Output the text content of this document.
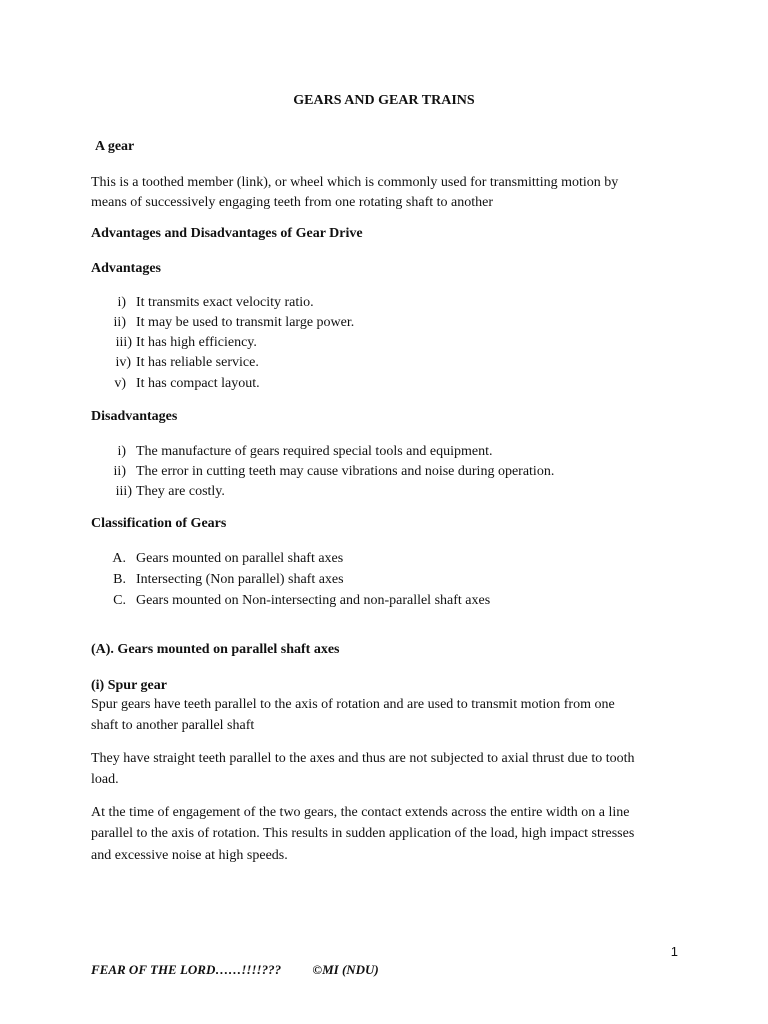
GEARS AND GEAR TRAINS

A gear

This is a toothed member (link), or wheel which is commonly used for transmitting motion by

means of successively engaging teeth from one rotating shaft to another

Advantages and Disadvantages of Gear Drive

Advantages

i) It transmits exact velocity ratio.
ii) It may be used to transmit large power.
iii) It has high efficiency.
iv) It has reliable service.
v) It has compact layout.

Disadvantages

i) The manufacture of gears required special tools and equipment.
ii) The error in cutting teeth may cause vibrations and noise during operation.
iii) They are costly.

Classification of Gears

A. Gears mounted on parallel shaft axes
B. Intersecting (Non parallel) shaft axes
C. Gears mounted on Non-intersecting and non-parallel shaft axes

(A). Gears mounted on parallel shaft axes

(i) Spur gear

Spur gears have teeth parallel to the axis of rotation and are used to transmit motion from one

shaft to another parallel shaft

They have straight teeth parallel to the axes and thus are not subjected to axial thrust due to tooth

load.

At the time of engagement of the two gears, the contact extends across the entire width on a line

parallel to the axis of rotation. This results in sudden application of the load, high impact stresses

and excessive noise at high speeds.

1

FEAR OF THE LORD……!!!!??? ©MI (NDU)
